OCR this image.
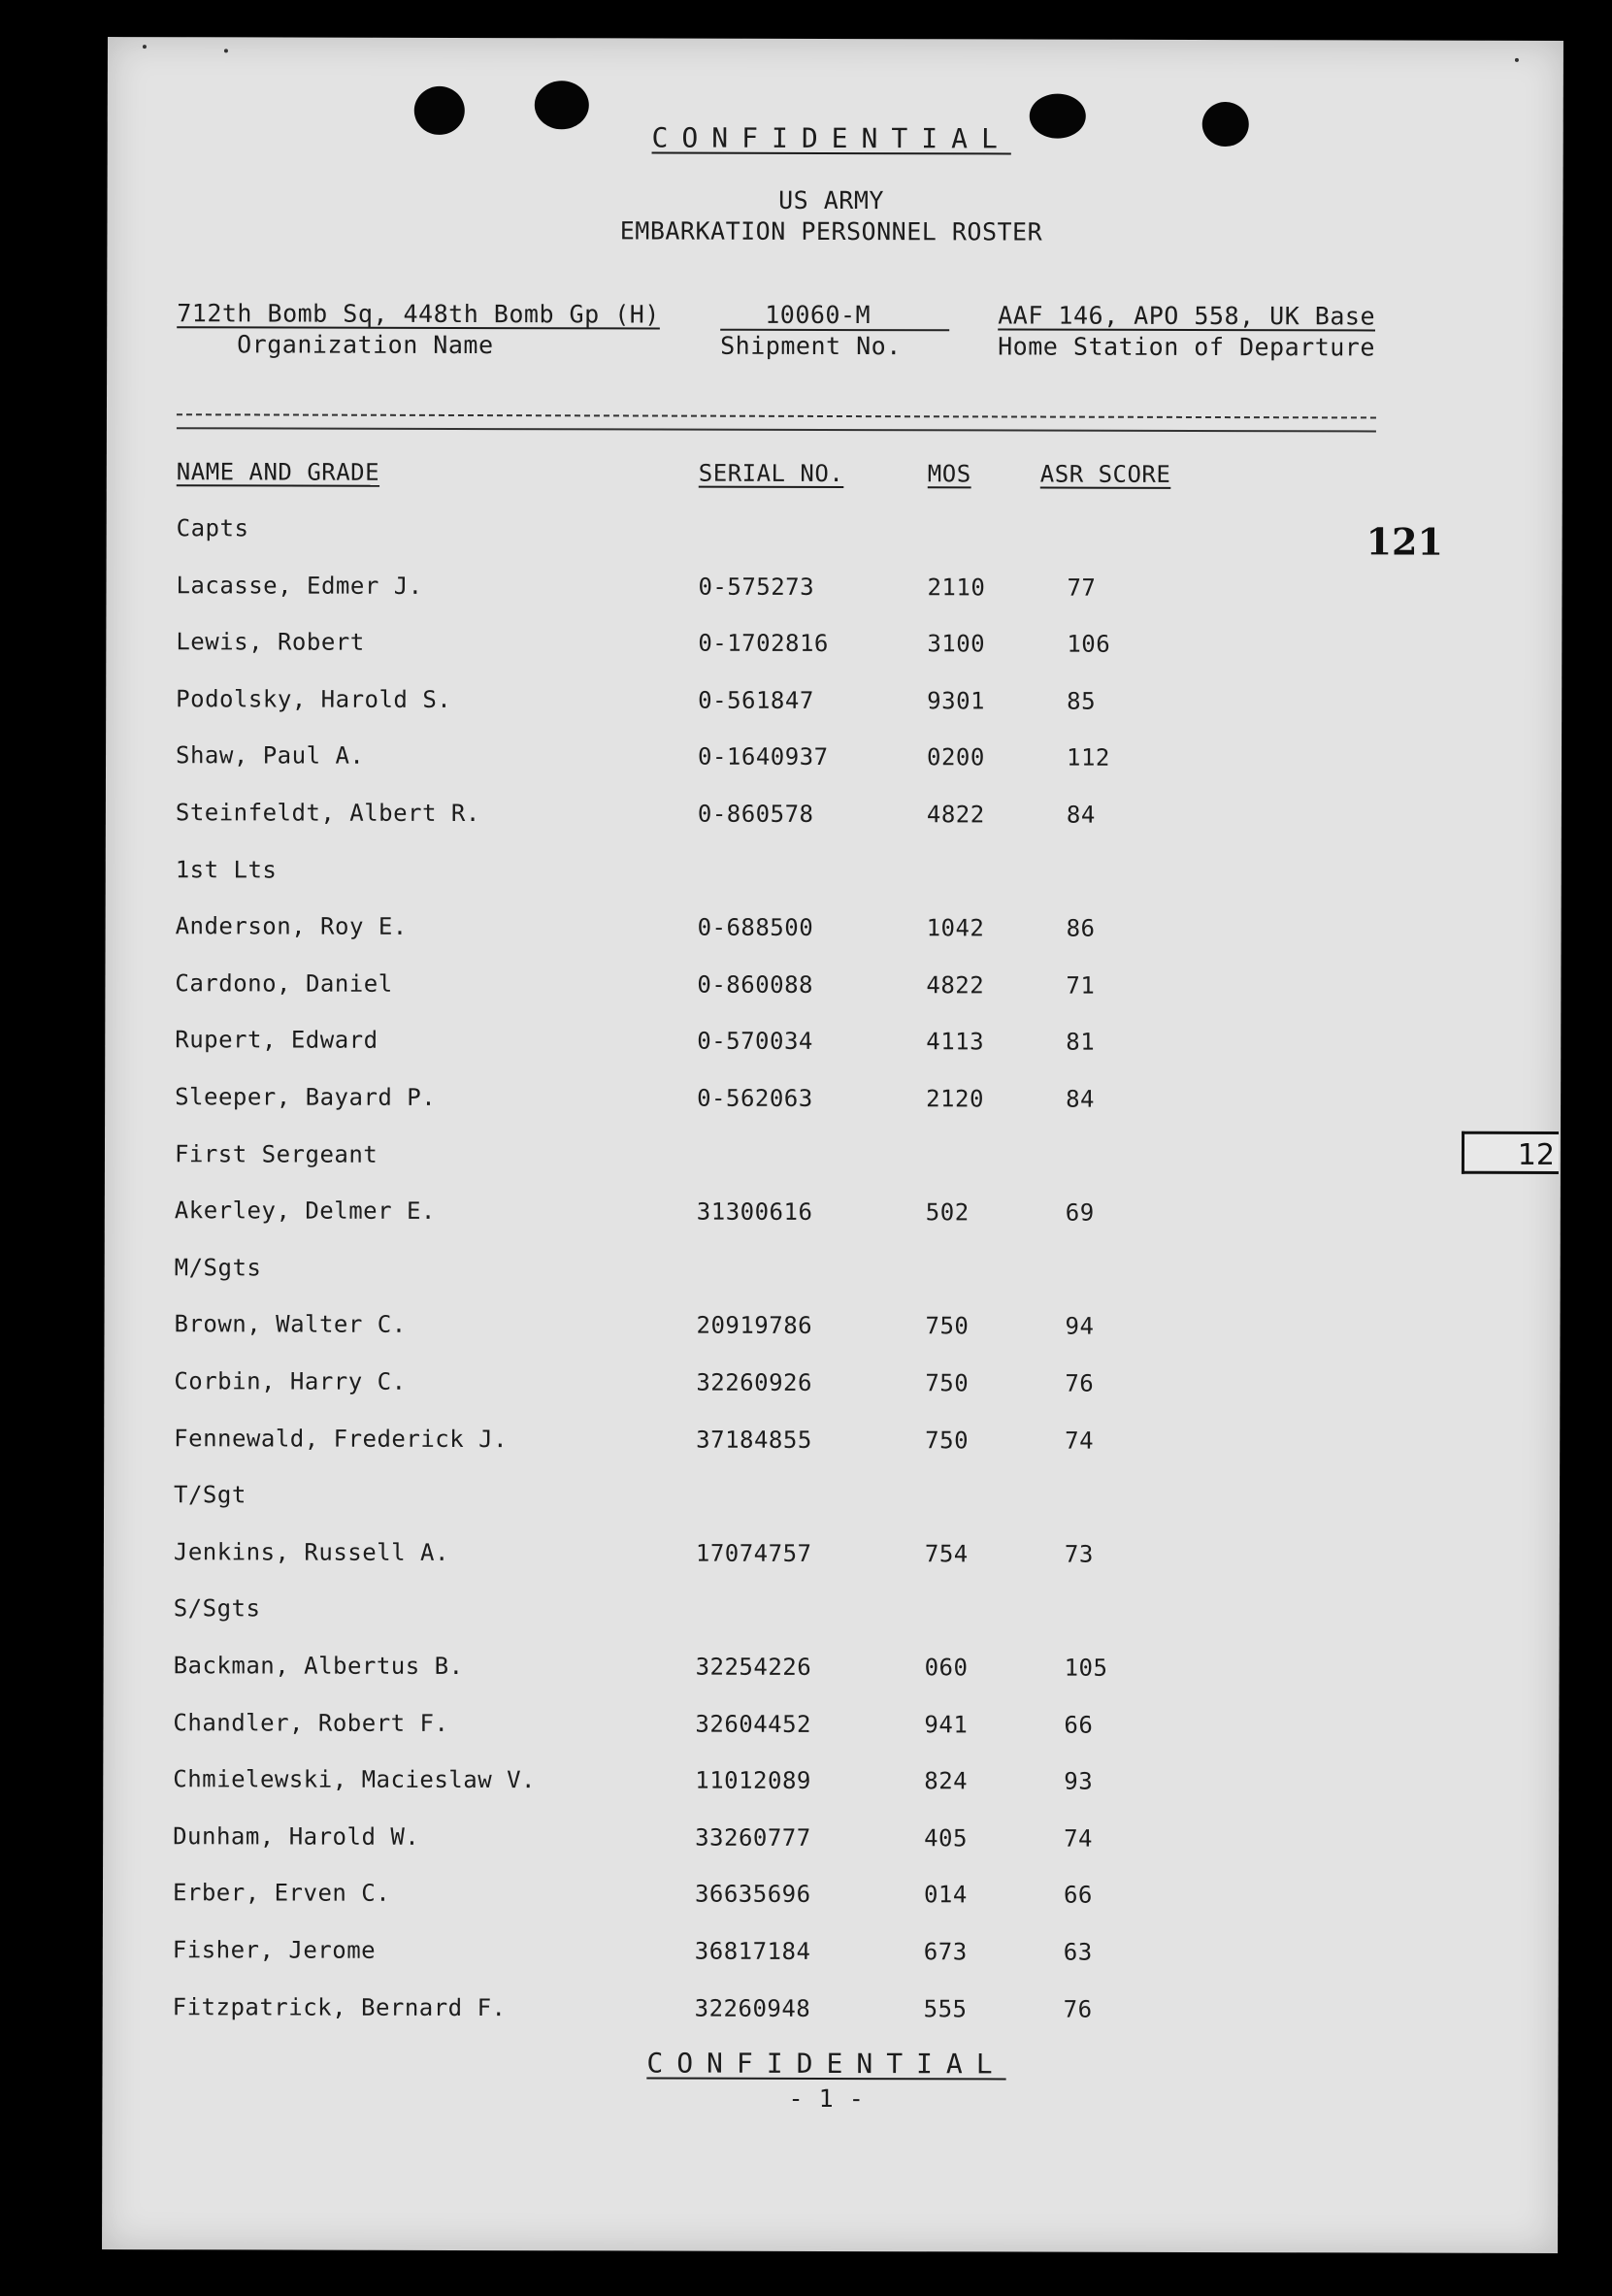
CONFIDENTIAL
US ARMY
EMBARKATION PERSONNEL ROSTER
712th Bomb Sq, 448th Bomb Gp (H)
Organization Name
10060-M
Shipment No.
AAF 146, APO 558, UK Base
Home Station of Departure
NAME AND GRADE	SERIAL NO.	MOS	ASR SCORE
121
Capts
Lacasse, Edmer J.	0-575273	2110	77
Lewis, Robert	0-1702816	3100	106
Podolsky, Harold S.	0-561847	9301	85
Shaw, Paul A.	0-1640937	0200	112
Steinfeldt, Albert R.	0-860578	4822	84
1st Lts
Anderson, Roy E.	0-688500	1042	86
Cardono, Daniel	0-860088	4822	71
Rupert, Edward	0-570034	4113	81
Sleeper, Bayard P.	0-562063	2120	84
First Sergeant
Akerley, Delmer E.	31300616	502	69
M/Sgts
Brown, Walter C.	20919786	750	94
Corbin, Harry C.	32260926	750	76
Fennewald, Frederick J.	37184855	750	74
T/Sgt
Jenkins, Russell A.	17074757	754	73
S/Sgts
Backman, Albertus B.	32254226	060	105
Chandler, Robert F.	32604452	941	66
Chmielewski, Macieslaw V.	11012089	824	93
Dunham, Harold W.	33260777	405	74
Erber, Erven C.	36635696	014	66
Fisher, Jerome	36817184	673	63
Fitzpatrick, Bernard F.	32260948	555	76
CONFIDENTIAL
- 1 -
12
